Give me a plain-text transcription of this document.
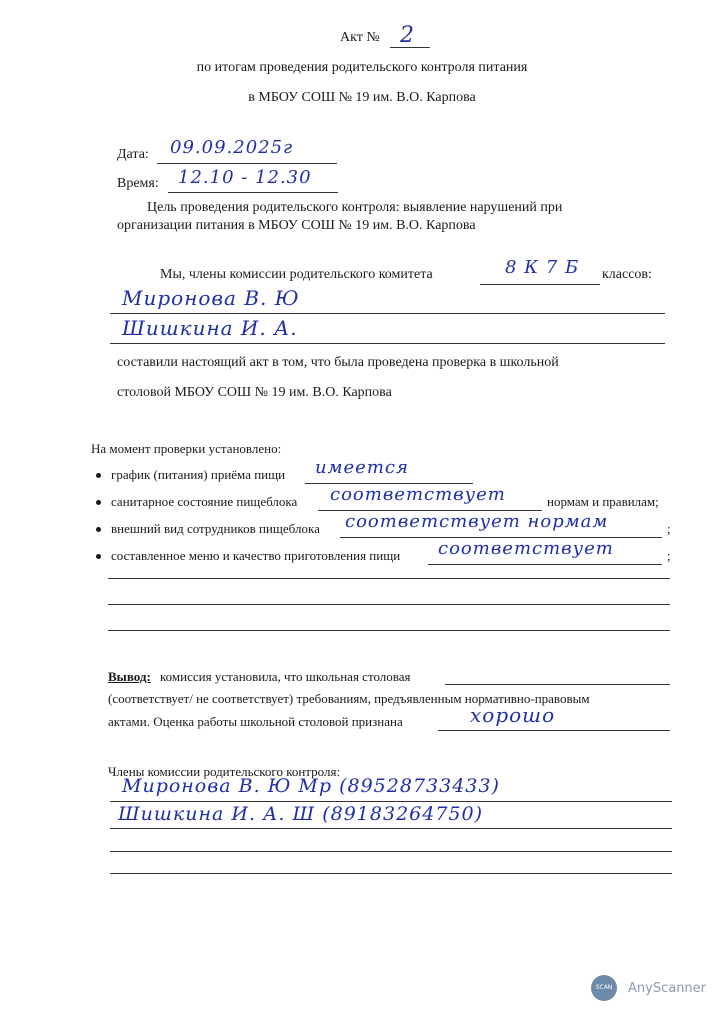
Акт № 2
по итогам проведения родительского контроля питания
в МБОУ СОШ № 19 им. В.О. Карпова
Дата: 09.09.2025г
Время: 12.10 - 12.30
Цель проведения родительского контроля: выявление нарушений при
организации питания в МБОУ СОШ № 19 им. В.О. Карпова
Мы, члены комиссии родительского комитета	8 К 7 Б классов:
Миронова В. Ю
Шишкина И. А.
составили настоящий акт в том, что была проведена проверка в школьной
столовой МБОУ СОШ № 19 им. В.О. Карпова
На момент проверки установлено:
график (питания) приёма пищи имеется
санитарное состояние пищеблока соответствует	нормам и правилам;
внешний вид сотрудников пищеблока соответствует нормам	;
составленное меню и качество приготовления пищи соответствует	;
Вывод: комиссия установила, что школьная столовая
(соответствует/ не соответствует) требованиям, предъявленным нормативно-правовым
актами. Оценка работы школьной столовой признана	хорошо
Члены комиссии родительского контроля:
Миронова В. Ю Мр (89528733433)
Шишкина И. А. Ш (89183264750)
SCAN	AnyScanner
